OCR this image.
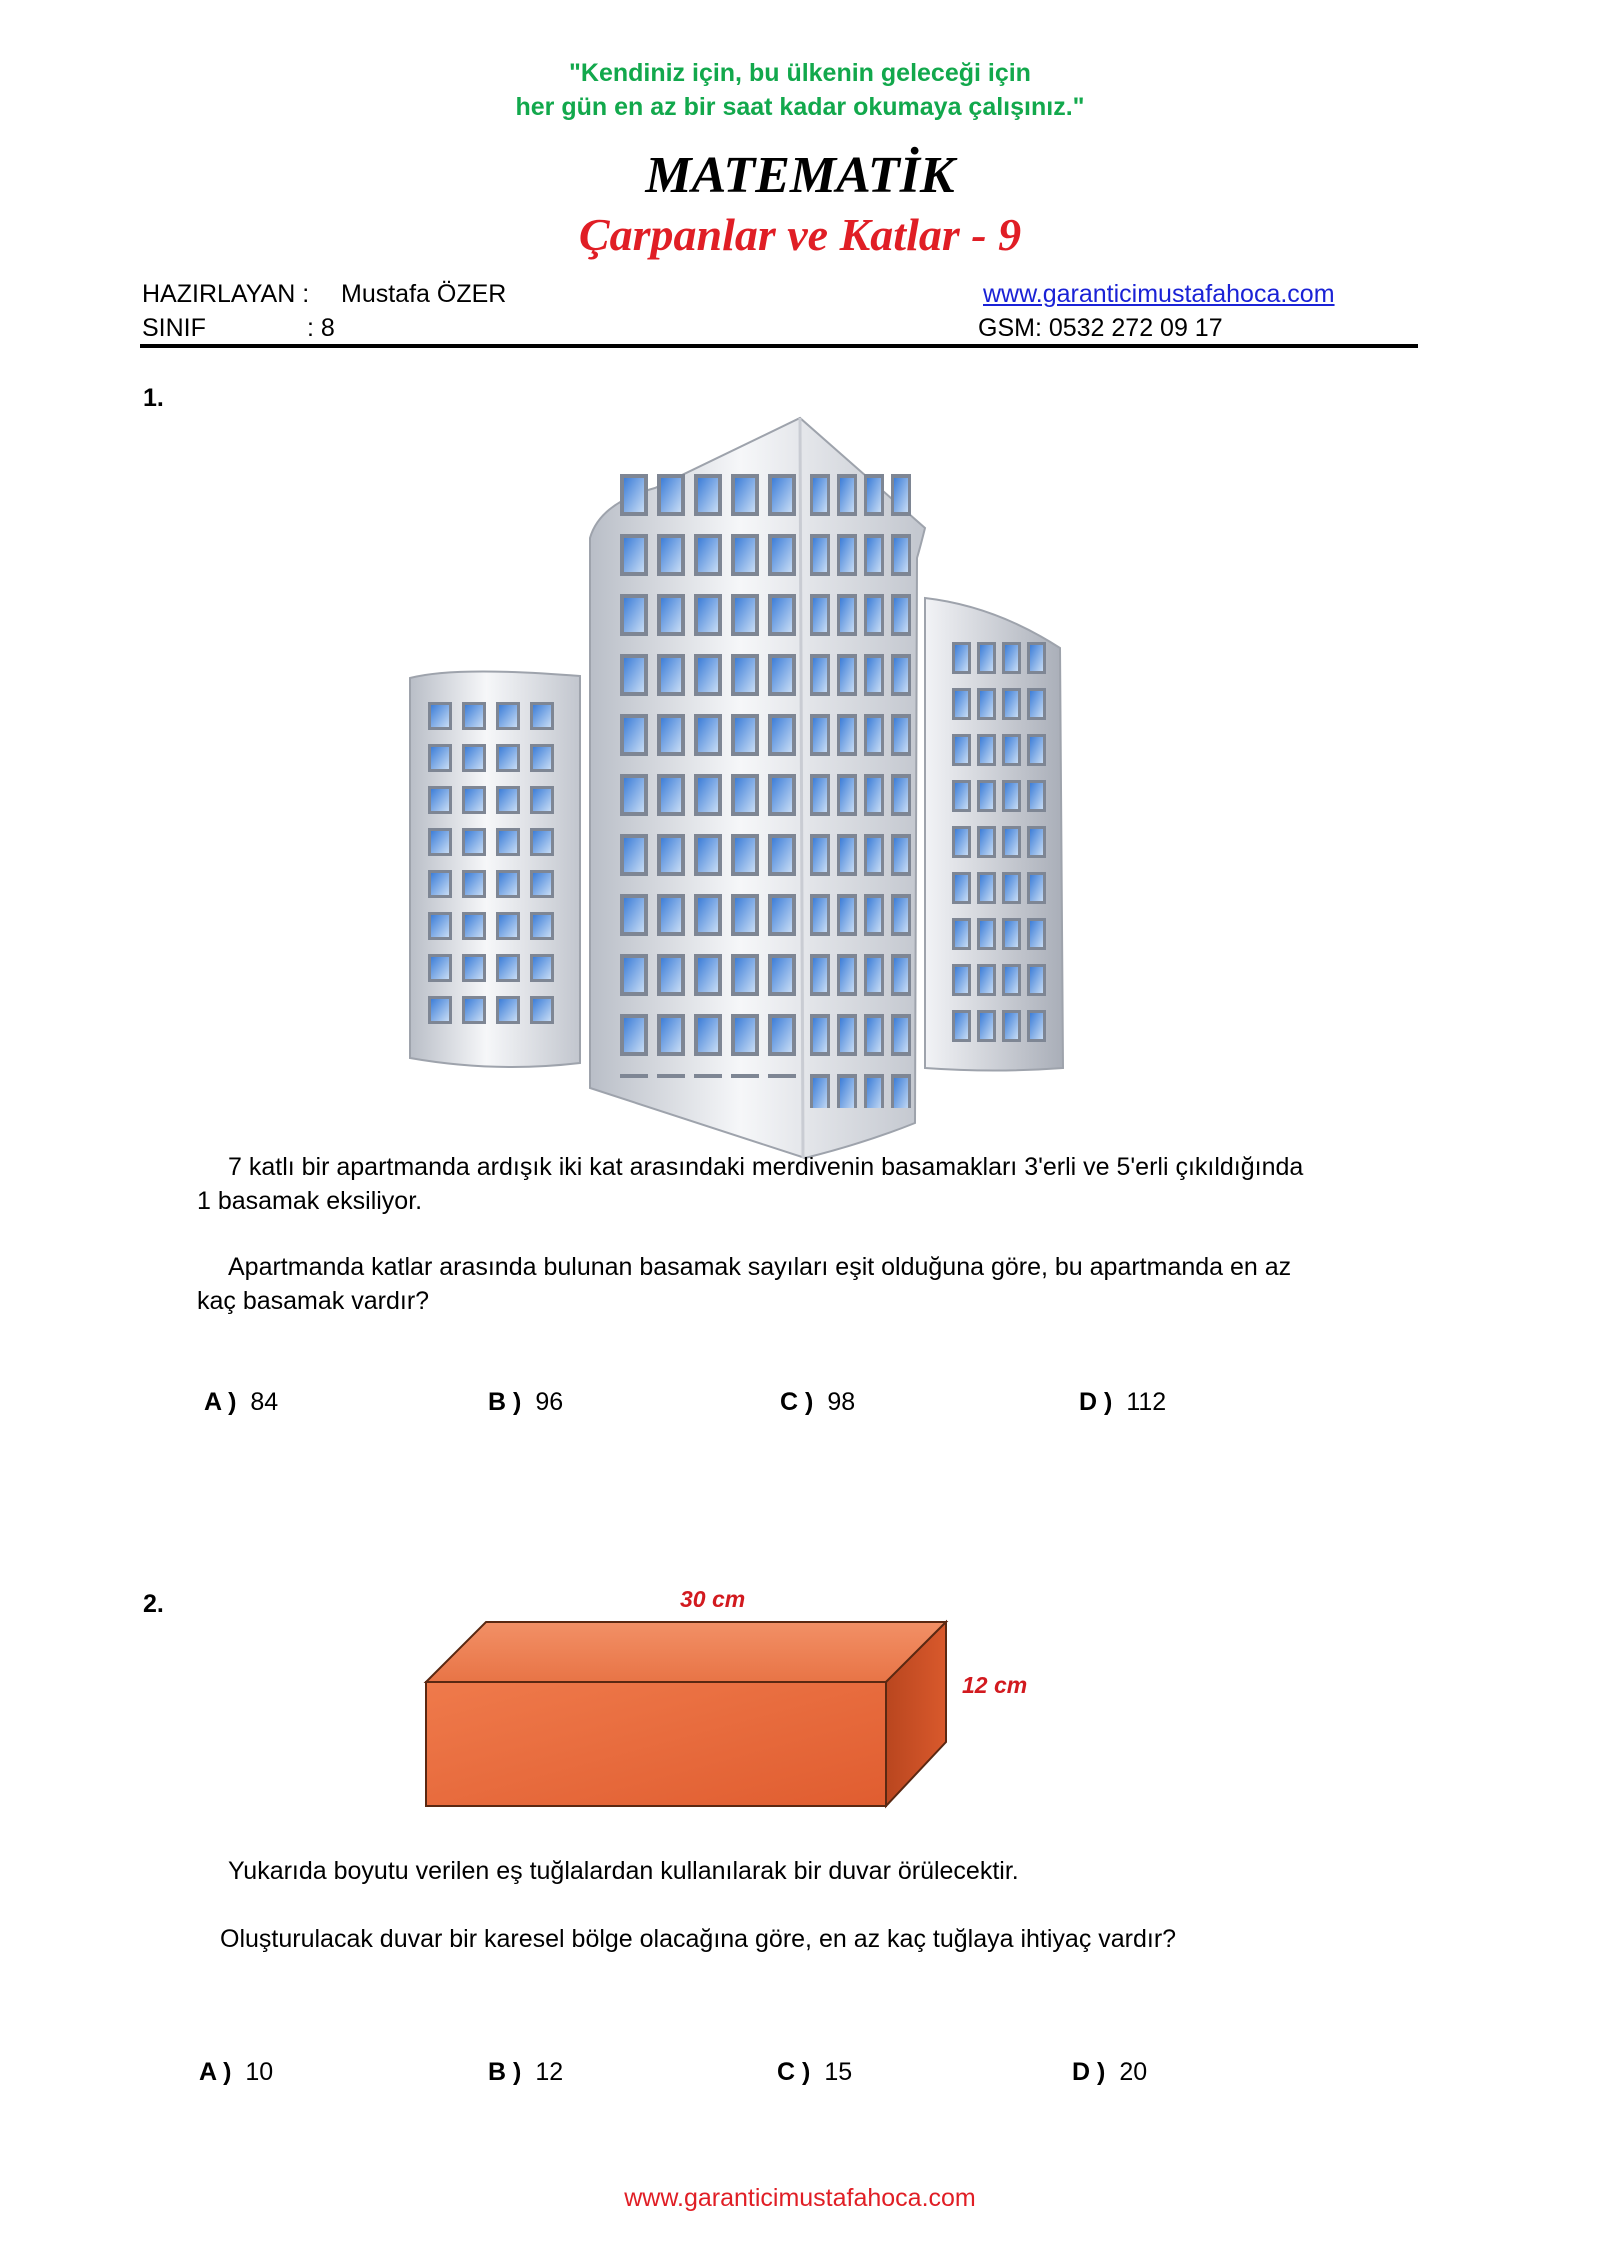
"Kendiniz için, bu ülkenin geleceği için
her gün en az bir saat kadar okumaya çalışınız."
MATEMATİK
Çarpanlar ve Katlar - 9
HAZIRLAYAN : Mustafa ÖZER
SINIF	: 8
www.garanticimustafahoca.com
GSM: 0532 272 09 17
1.
7 katlı bir apartmanda ardışık iki kat arasındaki merdivenin basamakları 3'erli ve 5'erli çıkıldığında
1 basamak eksiliyor.
Apartmanda katlar arasında bulunan basamak sayıları eşit olduğuna göre, bu apartmanda en az
kaç basamak vardır?
A ) 84	B ) 96	C ) 98	D ) 112
2.	30 cm
12 cm
Yukarıda boyutu verilen eş tuğlalardan kullanılarak bir duvar örülecektir.
Oluşturulacak duvar bir karesel bölge olacağına göre, en az kaç tuğlaya ihtiyaç vardır?
A ) 10	B ) 12	C ) 15	D ) 20
www.garanticimustafahoca.com
